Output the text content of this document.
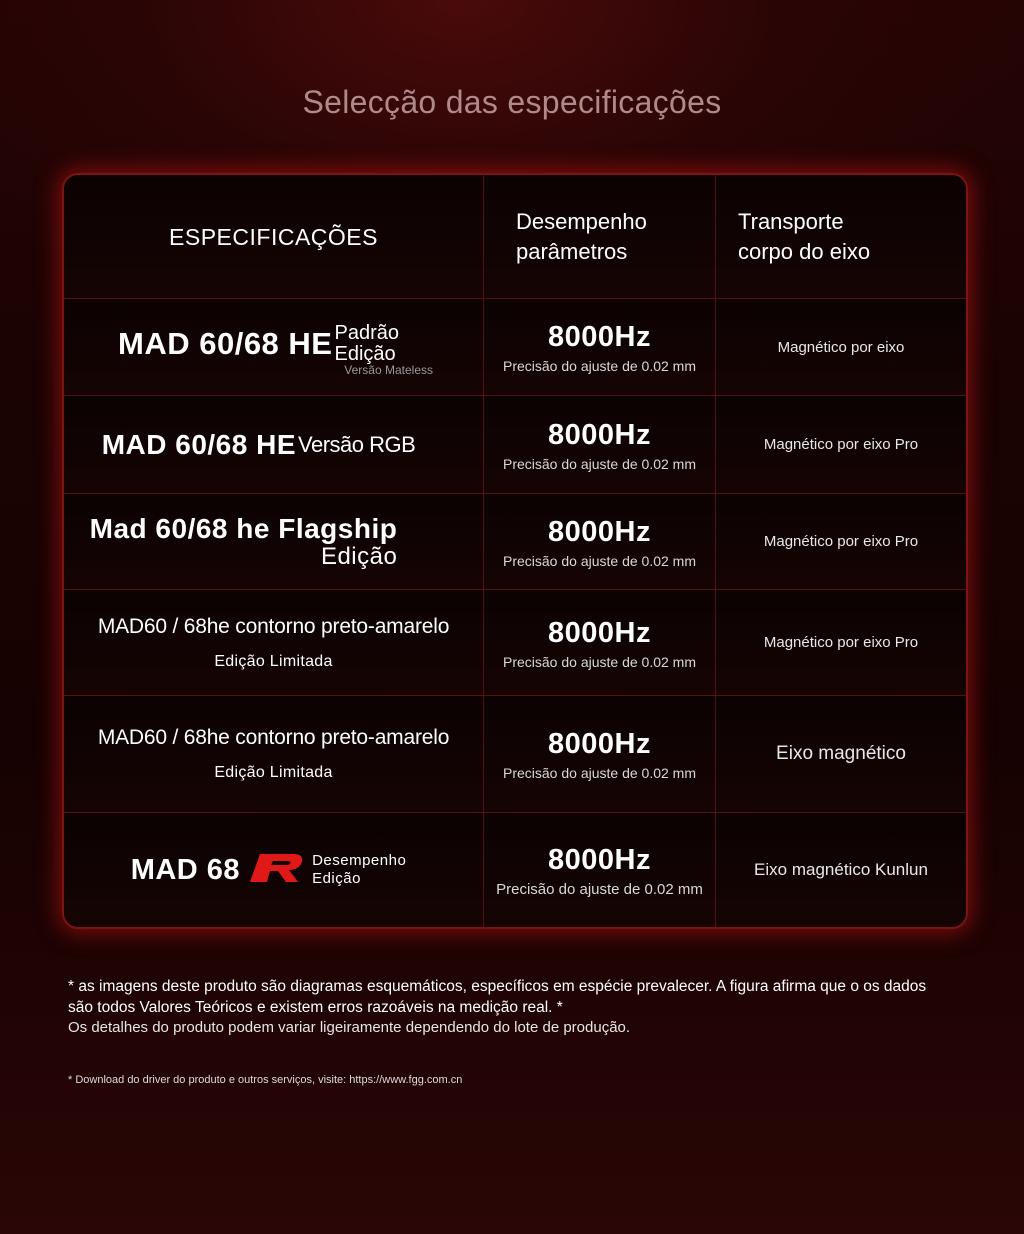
Selecção das especificações
ESPECIFICAÇÕES
Desempenho
parâmetros
Transporte
corpo do eixo
MAD 60/68 HE Padrão
Edição
Versão Mateless
8000Hz
Precisão do ajuste de 0.02 mm
Magnético por eixo
MAD 60/68 HE Versão RGB	8000Hz
Precisão do ajuste de 0.02 mm
Magnético por eixo Pro
Mad 60/68 he Flagship
Edição
8000Hz
Precisão do ajuste de 0.02 mm
Magnético por eixo Pro
MAD60 / 68he contorno preto-amarelo
Edição Limitada
8000Hz
Precisão do ajuste de 0.02 mm
Magnético por eixo Pro
MAD60 / 68he contorno preto-amarelo
Edição Limitada
8000Hz
Precisão do ajuste de 0.02 mm
Eixo magnético
MAD 68	Desempenho
Edição
8000Hz
Precisão do ajuste de 0.02 mm
Eixo magnético Kunlun
* as imagens deste produto são diagramas esquemáticos, específicos em espécie prevalecer. A figura afirma que o os dados são todos Valores Teóricos e existem erros razoáveis na medição real. *
Os detalhes do produto podem variar ligeiramente dependendo do lote de produção.
* Download do driver do produto e outros serviços, visite: https://www.fgg.com.cn
